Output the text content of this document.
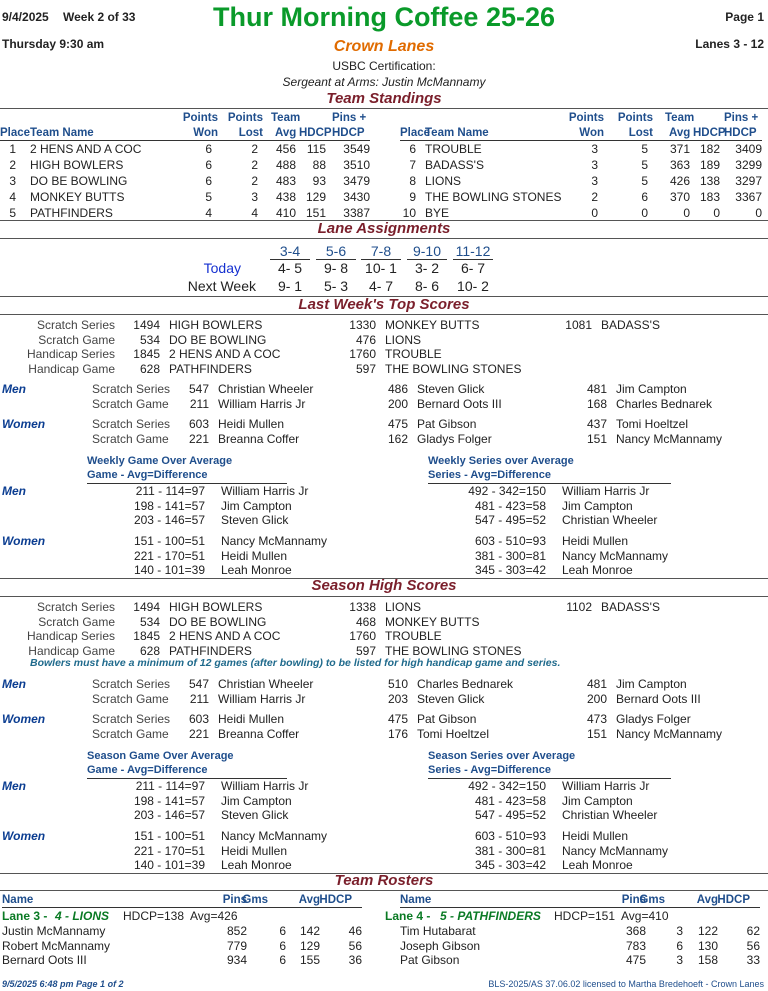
9/4/2025 Week 2 of 33	Thur Morning Coffee 25-26	Page 1
Thursday 9:30 am	Crown Lanes	Lanes 3 - 12
USBC Certification:
Sergeant at Arms: Justin McMannamy
Team Standings
Points
Won
Points
Lost
Team
Avg HDCP
Pins +
HDCP
Place Team Name
1 2 HENS AND A COC	6	2	456 115	3549
2 HIGH BOWLERS	6	2	488	88	3510
3 DO BE BOWLING	6	2	483	93	3479
4 MONKEY BUTTS	5	3	438 129	3430
5 PATHFINDERS	4	4	410 151	3387
Points
Won
Points
Lost
Team
Avg HDCP
Pins +
HDCP
Place
Team Name
6 TROUBLE	3	5	371 182	3409
7 BADASS'S	3	5	363 189	3299
8 LIONS	3	5	426 138	3297
9 THE BOWLING STONES	2	6	370 183	3367
10 BYE	0	0	0	0	0
Lane Assignments
3-4	5-6	7-8	9-10	11-12
Today
Next Week
4- 5	9- 8	10- 1	3- 2	6- 7
9- 1	5- 3	4- 7	8- 6	10- 2
Last Week's Top Scores
Scratch Series	1494 HIGH BOWLERS	1330 MONKEY BUTTS	1081 BADASS'S
Scratch Game	534 DO BE BOWLING	476 LIONS
Handicap Series	1845 2 HENS AND A COC	1760 TROUBLE
Handicap Game	628 PATHFINDERS	597 THE BOWLING STONES
Men	Scratch Series	547 Christian Wheeler	486 Steven Glick	481 Jim Campton
Scratch Game	211 William Harris Jr	200 Bernard Oots III	168 Charles Bednarek
Women	Scratch Series	603 Heidi Mullen	475 Pat Gibson	437 Tomi Hoeltzel
Scratch Game	221 Breanna Coffer	162 Gladys Folger	151 Nancy McMannamy
Weekly Game Over Average
Game - Avg=Difference
Weekly Series over Average
Series - Avg=Difference
Men	211 - 114=97 William Harris Jr
198 - 141=57 Jim Campton
203 - 146=57 Steven Glick
492 - 342=150 William Harris Jr
481 - 423=58 Jim Campton
547 - 495=52 Christian Wheeler
Women	151 - 100=51 Nancy McMannamy
221 - 170=51 Heidi Mullen
140 - 101=39 Leah Monroe
603 - 510=93 Heidi Mullen
381 - 300=81 Nancy McMannamy
345 - 303=42 Leah Monroe
Season High Scores
Scratch Series	1494 HIGH BOWLERS	1338 LIONS	1102 BADASS'S
Scratch Game	534 DO BE BOWLING	468 MONKEY BUTTS
Handicap Series	1845 2 HENS AND A COC	1760 TROUBLE
Handicap Game	628 PATHFINDERS	597 THE BOWLING STONES
Men	Scratch Series	547 Christian Wheeler	510 Charles Bednarek	481 Jim Campton
Scratch Game	211 William Harris Jr	203 Steven Glick	200 Bernard Oots III
Women	Scratch Series	603 Heidi Mullen	475 Pat Gibson	473 Gladys Folger
Scratch Game	221 Breanna Coffer	176 Tomi Hoeltzel	151 Nancy McMannamy
Season Game Over Average
Game - Avg=Difference
Season Series over Average
Series - Avg=Difference
Men	211 - 114=97 William Harris Jr
198 - 141=57 Jim Campton
203 - 146=57 Steven Glick
492 - 342=150 William Harris Jr
481 - 423=58 Jim Campton
547 - 495=52 Christian Wheeler
Women	151 - 100=51 Nancy McMannamy
221 - 170=51 Heidi Mullen
140 - 101=39 Leah Monroe
603 - 510=93 Heidi Mullen
381 - 300=81 Nancy McMannamy
345 - 303=42 Leah Monroe
Bowlers must have a minimum of 12 games (after bowling) to be listed for high handicap game and series.
Team Rosters
Name	Pins
Gms	Avg HDCP
Lane 3 - 4 - LIONS HDCP=138 Avg=426
Justin McMannamy	852	6	142	46
Robert McMannamy	779	6	129	56
Bernard Oots III	934	6	155	36
Name	Pins
Gms	Avg HDCP
Lane 4 - 5 - PATHFINDERS HDCP=151 Avg=410
Tim Hutabarat	368	3	122	62
Joseph Gibson	783	6	130	56
Pat Gibson	475	3	158	33
9/5/2025 6:48 pm Page 1 of 2	BLS-2025/AS 37.06.02 licensed to Martha Bredehoeft - Crown Lanes
